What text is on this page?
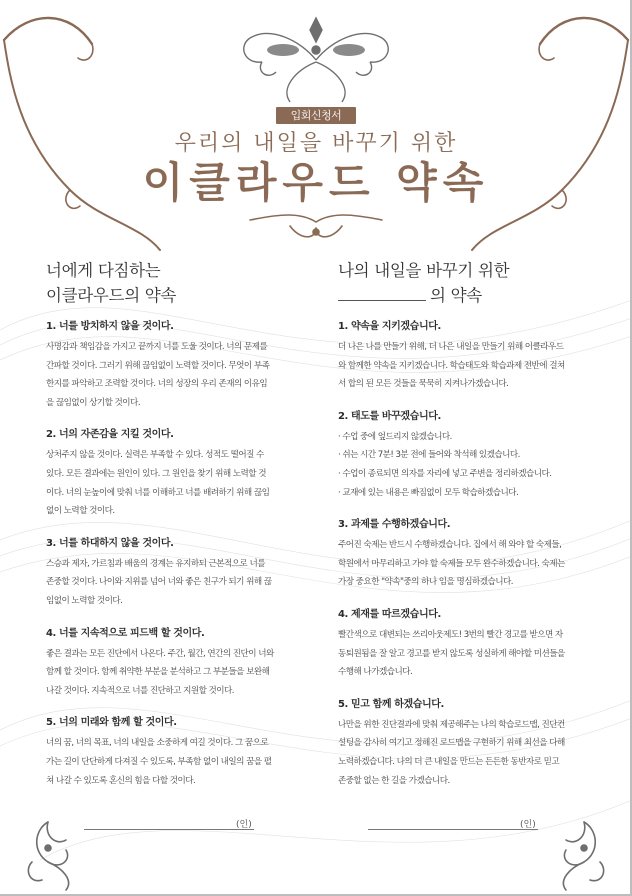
입회신청서
우리의 내일을 바꾸기 위한
이클라우드 약속
너에게 다짐하는
이클라우드의 약속
1. 너를 방치하지 않을 것이다.
사명감과 책임감을 가지고 끝까지 너를 도울 것이다. 너의 문제를
간파할 것이다. 그러기 위해 끊임없이 노력할 것이다. 무엇이 부족
한지를 파악하고 조력할 것이다. 너의 성장의 우리 존재의 이유임
을 끊임없이 상기할 것이다.
2. 너의 자존감을 지킬 것이다.
상처주지 않을 것이다. 실력은 부족할 수 있다. 성적도 떨어질 수
있다. 모든 결과에는 원인이 있다. 그 원인을 찾기 위해 노력할 것
이다. 너의 눈높이에 맞춰 너를 이해하고 너를 배려하기 위해 끊임
없이 노력할 것이다.
3. 너를 하대하지 않을 것이다.
스승과 제자, 가르침과 배움의 경계는 유지하되 근본적으로 너를
존중할 것이다. 나이와 지위를 넘어 너와 좋은 친구가 되기 위해 끊
임없이 노력할 것이다.
4. 너를 지속적으로 피드백 할 것이다.
좋은 결과는 모든 진단에서 나온다. 주간, 월간, 연간의 진단이 너와
함께 할 것이다. 함께 취약한 부분을 분석하고 그 부분들을 보완해
나갈 것이다. 지속적으로 너를 진단하고 지원할 것이다.
5. 너의 미래와 함께 할 것이다.
너의 꿈, 너의 목표, 너의 내일을 소중하게 여길 것이다. 그 꿈으로
가는 길이 단단하게 다져질 수 있도록, 부족함 없이 내일의 꿈을 펼
쳐 나갈 수 있도록 혼신의 힘을 다할 것이다.
나의 내일을 바꾸기 위한
의 약속
1. 약속을 지키겠습니다.
더 나은 나를 만들기 위해, 더 나은 내일을 만들기 위해 이클라우드
와 함께한 약속을 지키겠습니다. 학습태도와 학습과제 전반에 걸쳐
서 합의 된 모든 것들을 묵묵히 지켜나가겠습니다.
2. 태도를 바꾸겠습니다.
· 수업 중에 엎드리지 않겠습니다.
· 쉬는 시간 7분! 3분 전에 들어와 착석해 있겠습니다.
· 수업이 종료되면 의자를 자리에 넣고 주변을 정리하겠습니다.
· 교재에 있는 내용은 빠짐없이 모두 학습하겠습니다.
3. 과제를 수행하겠습니다.
주어진 숙제는 반드시 수행하겠습니다. 집에서 해 와야 할 숙제들,
학원에서 마무리하고 가야 할 숙제들 모두 완수하겠습니다. 숙제는
가장 중요한 "약속"중의 하나 임을 명심하겠습니다.
4. 제재를 따르겠습니다.
빨간색으로 대변되는 쓰리아웃제도! 3번의 빨간 경고를 받으면 자
동퇴원됨을 잘 알고 경고를 받지 않도록 성실하게 해야할 미션들을
수행해 나가겠습니다.
5. 믿고 함께 하겠습니다.
나만을 위한 진단결과에 맞춰 제공해주는 나의 학습로드맵, 진단컨
설팅을 감사히 여기고 정해진 로드맵을 구현하기 위해 최선을 다해
노력하겠습니다. 나의 더 큰 내일을 만드는 든든한 동반자로 믿고
존중할 없는 한 길을 가겠습니다.
(인)	(인)
